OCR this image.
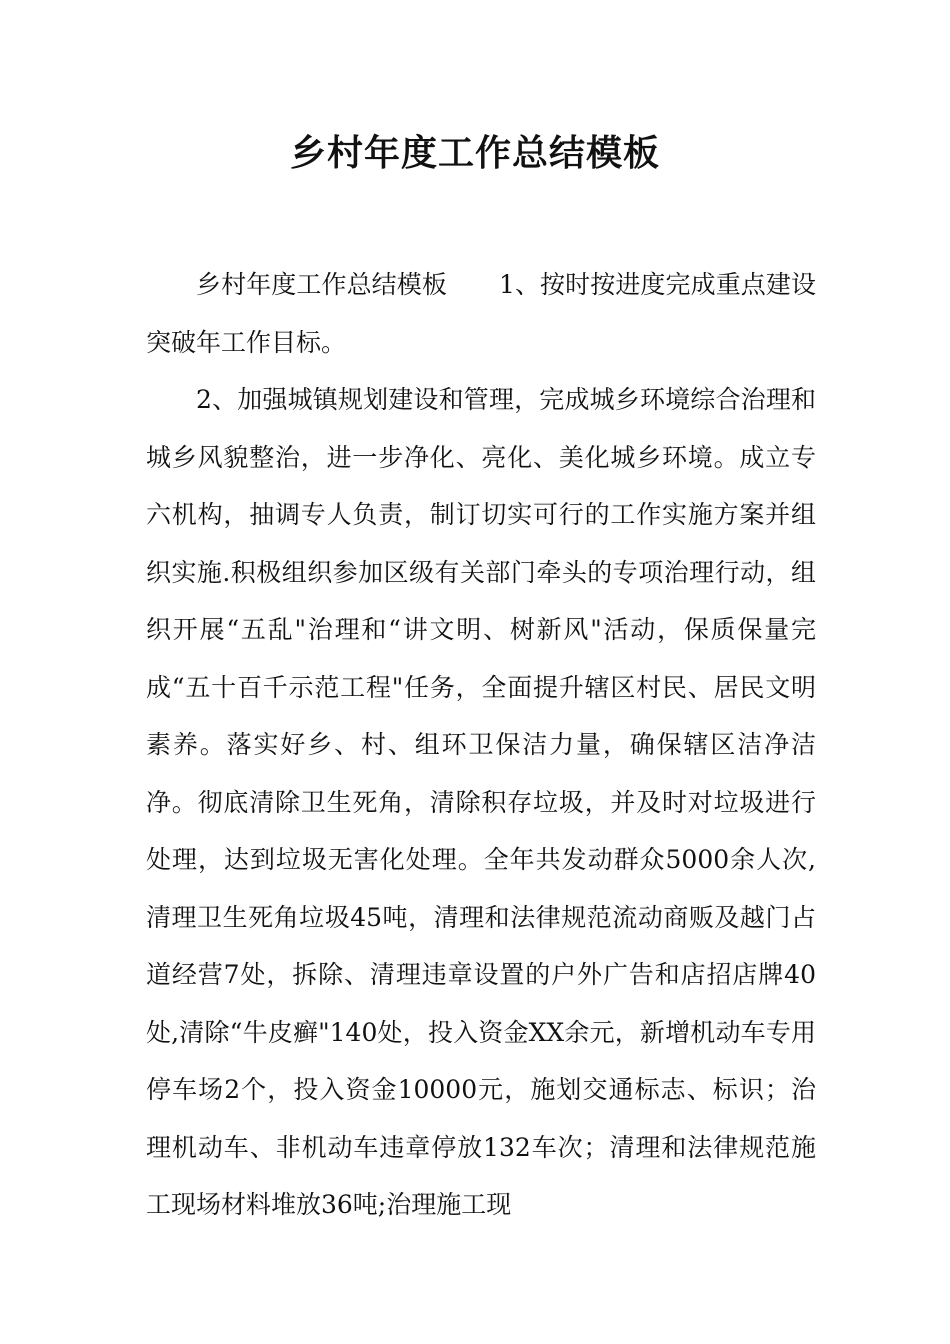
乡村年度工作总结模板

乡村年度工作总结模板 1、按时按进度完成重点建设突破年工作目标。

2、加强城镇规划建设和管理，完成城乡环境综合治理和城乡风貌整治，进一步净化、亮化、美化城乡环境。成立专六机构，抽调专人负责，制订切实可行的工作实施方案并组织实施.积极组织参加区级有关部门牵头的专项治理行动，组织开展“五乱"治理和“讲文明、树新风"活动，保质保量完成“五十百千示范工程"任务，全面提升辖区村民、居民文明素养。落实好乡、村、组环卫保洁力量，确保辖区洁净洁净。彻底清除卫生死角，清除积存垃圾，并及时对垃圾进行处理，达到垃圾无害化处理。全年共发动群众5000余人次,清理卫生死角垃圾45吨，清理和法律规范流动商贩及越门占道经营7处，拆除、清理违章设置的户外广告和店招店牌40处,清除“牛皮癣"140处，投入资金XX余元，新增机动车专用停车场2个，投入资金10000元，施划交通标志、标识；治理机动车、非机动车违章停放132车次；清理和法律规范施工现场材料堆放36吨;治理施工现
